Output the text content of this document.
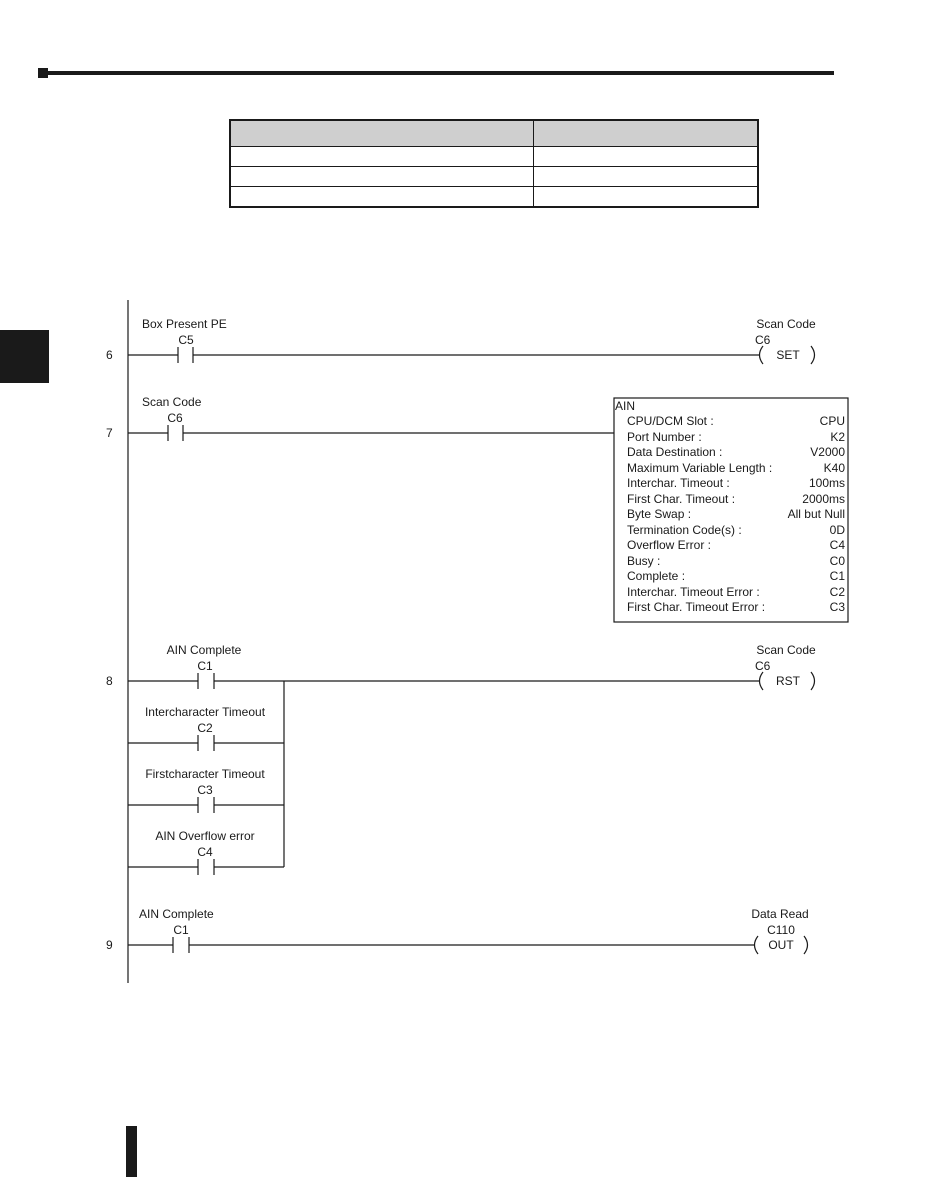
6
Box Present PE
C5
Scan Code
C6
SET
7
Scan Code
C6
AIN
CPU/DCM Slot :	CPU
Port Number :	K2
Data Destination :	V2000
Maximum Variable Length :	K40
Interchar. Timeout :	100ms
First Char. Timeout :	2000ms
Byte Swap :	All but Null
Termination Code(s) :	0D
Overflow Error :	C4
Busy :	C0
Complete :	C1
Interchar. Timeout Error :	C2
First Char. Timeout Error :	C3
8
AIN Complete
C1
Intercharacter Timeout
C2
Firstcharacter Timeout
C3
AIN Overflow error
C4
Scan Code
C6
RST
9
AIN Complete
C1
Data Read
C110
OUT
